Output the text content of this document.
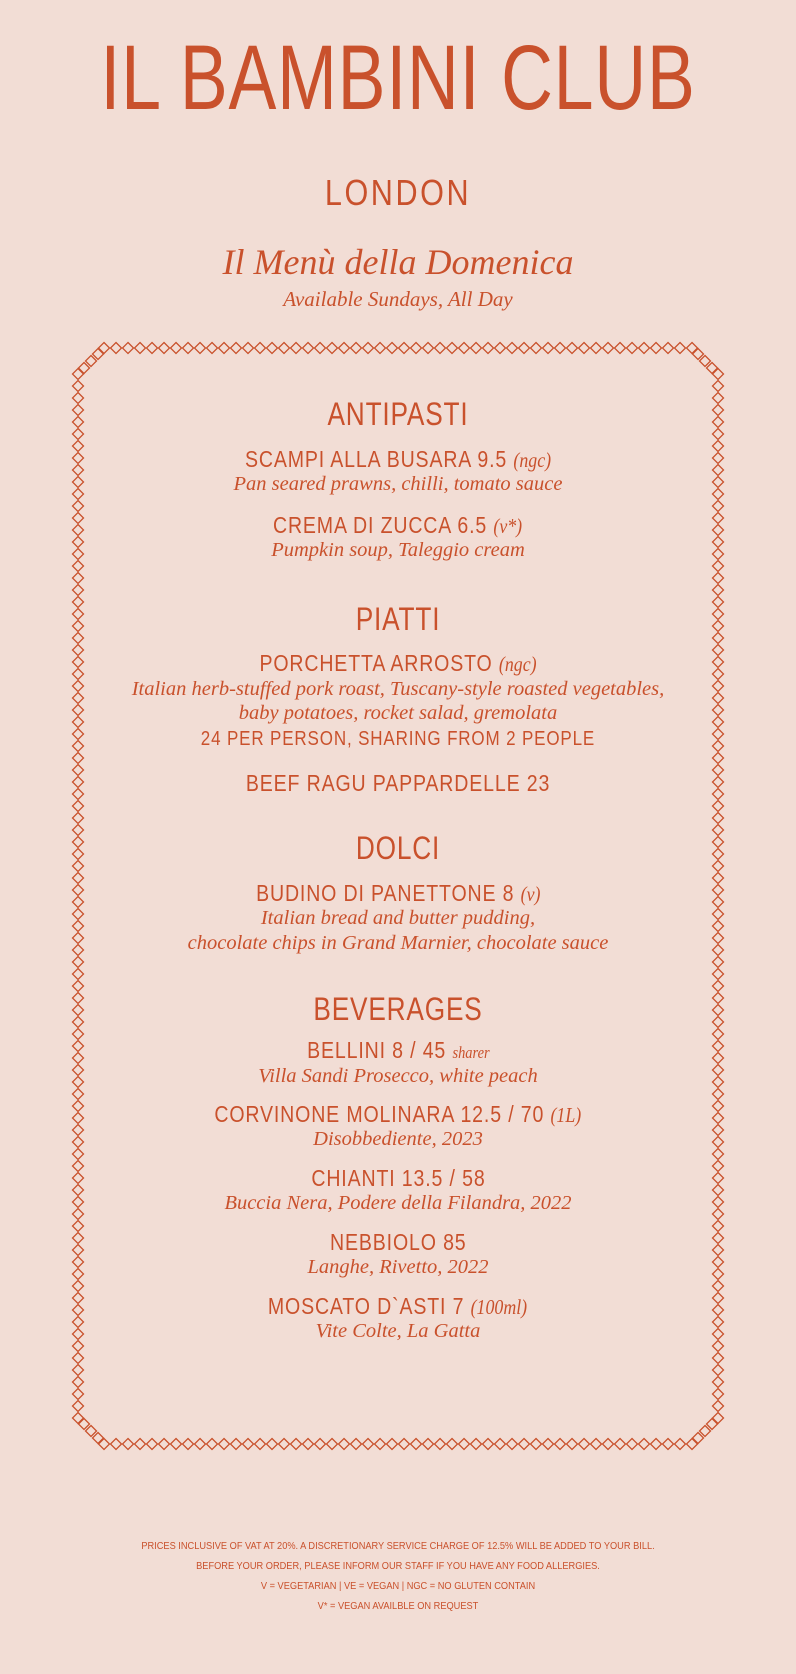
IL BAMBINI CLUB
LONDON
Il Menù della Domenica
Available Sundays, All Day
ANTIPASTI
SCAMPI ALLA BUSARA 9.5 (ngc)
Pan seared prawns, chilli, tomato sauce
CREMA DI ZUCCA 6.5 (v*)
Pumpkin soup, Taleggio cream
PIATTI
PORCHETTA ARROSTO (ngc)
Italian herb-stuffed pork roast, Tuscany-style roasted vegetables,
baby potatoes, rocket salad, gremolata
24 PER PERSON, SHARING FROM 2 PEOPLE
BEEF RAGU PAPPARDELLE 23
DOLCI
BUDINO DI PANETTONE 8 (v)
Italian bread and butter pudding,
chocolate chips in Grand Marnier, chocolate sauce
BEVERAGES
BELLINI 8 / 45 sharer
Villa Sandi Prosecco, white peach
CORVINONE MOLINARA 12.5 / 70 (1L)
Disobbediente, 2023
CHIANTI 13.5 / 58
Buccia Nera, Podere della Filandra, 2022
NEBBIOLO 85
Langhe, Rivetto, 2022
MOSCATO D`ASTI 7 (100ml)
Vite Colte, La Gatta
PRICES INCLUSIVE OF VAT AT 20%. A DISCRETIONARY SERVICE CHARGE OF 12.5% WILL BE ADDED TO YOUR BILL.
BEFORE YOUR ORDER, PLEASE INFORM OUR STAFF IF YOU HAVE ANY FOOD ALLERGIES.
V = VEGETARIAN | VE = VEGAN | NGC = NO GLUTEN CONTAIN
V* = VEGAN AVAILBLE ON REQUEST
